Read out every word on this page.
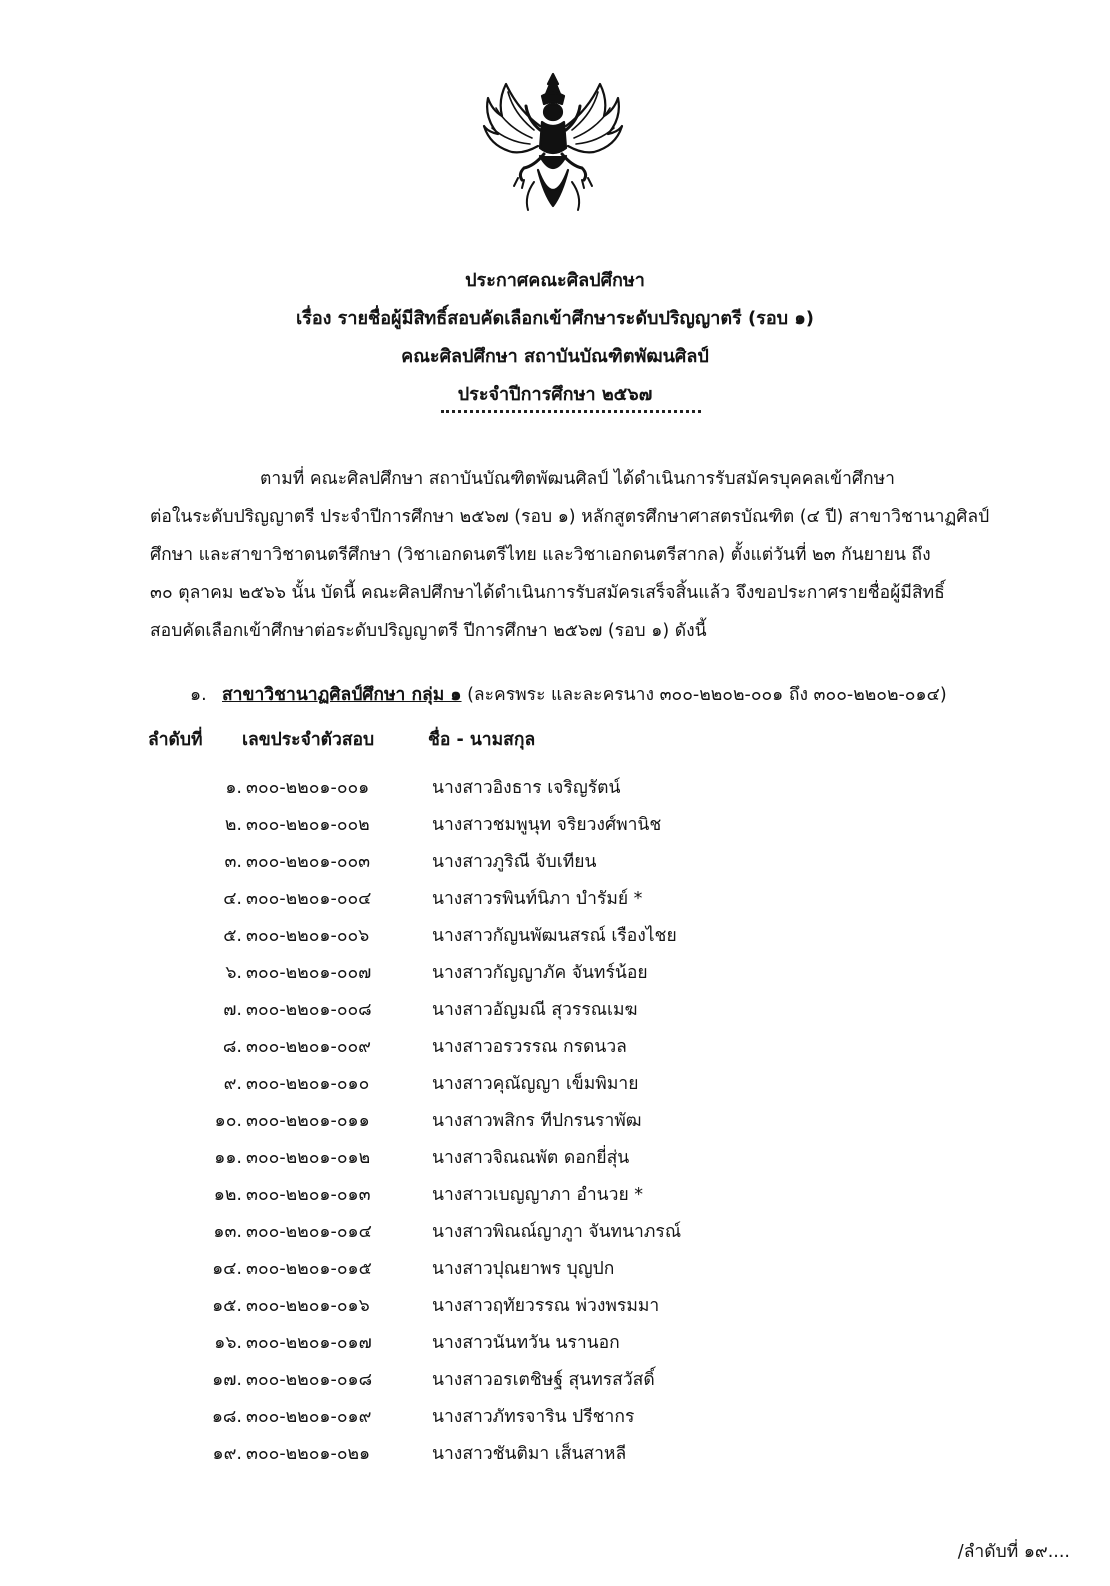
ประกาศคณะศิลปศึกษา
เรื่อง รายชื่อผู้มีสิทธิ์สอบคัดเลือกเข้าศึกษาระดับปริญญาตรี (รอบ ๑)
คณะศิลปศึกษา สถาบันบัณฑิตพัฒนศิลป์
ประจำปีการศึกษา ๒๕๖๗
ตามที่ คณะศิลปศึกษา สถาบันบัณฑิตพัฒนศิลป์ ได้ดำเนินการรับสมัครบุคคลเข้าศึกษา
ต่อในระดับปริญญาตรี ประจำปีการศึกษา ๒๕๖๗ (รอบ ๑) หลักสูตรศึกษาศาสตรบัณฑิต (๔ ปี) สาขาวิชานาฏศิลป์
ศึกษา และสาขาวิชาดนตรีศึกษา (วิชาเอกดนตรีไทย และวิชาเอกดนตรีสากล) ตั้งแต่วันที่ ๒๓ กันยายน ถึง
๓๐ ตุลาคม ๒๕๖๖ นั้น บัดนี้ คณะศิลปศึกษาได้ดำเนินการรับสมัครเสร็จสิ้นแล้ว จึงขอประกาศรายชื่อผู้มีสิทธิ์
สอบคัดเลือกเข้าศึกษาต่อระดับปริญญาตรี ปีการศึกษา ๒๕๖๗ (รอบ ๑) ดังนี้
๑. สาขาวิชานาฏศิลป์ศึกษา กลุ่ม ๑ (ละครพระ และละครนาง ๓๐๐-๒๒๐๒-๐๐๑ ถึง ๓๐๐-๒๒๐๒-๐๑๔)
ลำดับที่ เลขประจำตัวสอบ	ชื่อ - นามสกุล
๑. ๓๐๐-๒๒๐๑-๐๐๑	นางสาวอิงธาร เจริญรัตน์
๒. ๓๐๐-๒๒๐๑-๐๐๒	นางสาวชมพูนุท จริยวงศ์พานิช
๓. ๓๐๐-๒๒๐๑-๐๐๓	นางสาวภูริณี จับเทียน
๔. ๓๐๐-๒๒๐๑-๐๐๔	นางสาวรพินท์นิภา บำรัมย์ *
๕. ๓๐๐-๒๒๐๑-๐๐๖	นางสาวกัญนพัฒนสรณ์ เรืองไชย
๖. ๓๐๐-๒๒๐๑-๐๐๗	นางสาวกัญญาภัค จันทร์น้อย
๗. ๓๐๐-๒๒๐๑-๐๐๘	นางสาวอัญมณี สุวรรณเมฆ
๘. ๓๐๐-๒๒๐๑-๐๐๙	นางสาวอรวรรณ กรดนวล
๙. ๓๐๐-๒๒๐๑-๐๑๐	นางสาวคุณัญญา เข็มพิมาย
๑๐. ๓๐๐-๒๒๐๑-๐๑๑	นางสาวพสิกร ทีปกรนราพัฒ
๑๑. ๓๐๐-๒๒๐๑-๐๑๒	นางสาวจิณณพัต ดอกยี่สุ่น
๑๒. ๓๐๐-๒๒๐๑-๐๑๓	นางสาวเบญญาภา อำนวย *
๑๓. ๓๐๐-๒๒๐๑-๐๑๔	นางสาวพิณณ์ญาภูา จันทนาภรณ์
๑๔. ๓๐๐-๒๒๐๑-๐๑๕	นางสาวปุณยาพร บุญปก
๑๕. ๓๐๐-๒๒๐๑-๐๑๖	นางสาวฤทัยวรรณ พ่วงพรมมา
๑๖. ๓๐๐-๒๒๐๑-๐๑๗	นางสาวนันทวัน นรานอก
๑๗. ๓๐๐-๒๒๐๑-๐๑๘	นางสาวอรเตชิษฐ์ สุนทรสวัสดิ์
๑๘. ๓๐๐-๒๒๐๑-๐๑๙	นางสาวภัทรจาริน ปรีชากร
๑๙. ๓๐๐-๒๒๐๑-๐๒๑	นางสาวชันติมา เส็นสาหลี
/ลำดับที่ ๑๙....
